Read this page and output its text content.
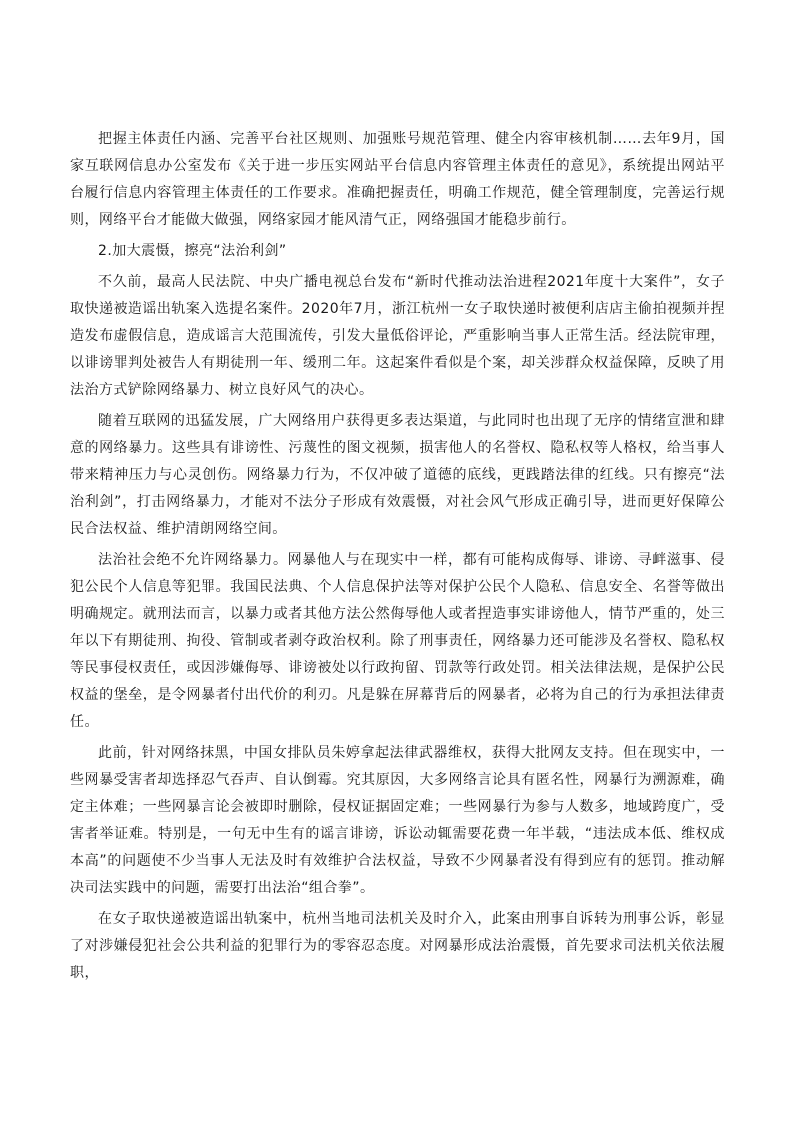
把握主体责任内涵、完善平台社区规则、加强账号规范管理、健全内容审核机制……去年9月，国家互联网信息办公室发布《关于进一步压实网站平台信息内容管理主体责任的意见》，系统提出网站平台履行信息内容管理主体责任的工作要求。准确把握责任，明确工作规范，健全管理制度，完善运行规则，网络平台才能做大做强，网络家园才能风清气正，网络强国才能稳步前行。

2.加大震慑，擦亮“法治利剑”

不久前，最高人民法院、中央广播电视总台发布“新时代推动法治进程2021年度十大案件”，女子取快递被造谣出轨案入选提名案件。2020年7月，浙江杭州一女子取快递时被便利店店主偷拍视频并捏造发布虚假信息，造成谣言大范围流传，引发大量低俗评论，严重影响当事人正常生活。经法院审理，以诽谤罪判处被告人有期徒刑一年、缓刑二年。这起案件看似是个案，却关涉群众权益保障，反映了用法治方式铲除网络暴力、树立良好风气的决心。

随着互联网的迅猛发展，广大网络用户获得更多表达渠道，与此同时也出现了无序的情绪宣泄和肆意的网络暴力。这些具有诽谤性、污蔑性的图文视频，损害他人的名誉权、隐私权等人格权，给当事人带来精神压力与心灵创伤。网络暴力行为，不仅冲破了道德的底线，更践踏法律的红线。只有擦亮“法治利剑”，打击网络暴力，才能对不法分子形成有效震慑，对社会风气形成正确引导，进而更好保障公民合法权益、维护清朗网络空间。

法治社会绝不允许网络暴力。网暴他人与在现实中一样，都有可能构成侮辱、诽谤、寻衅滋事、侵犯公民个人信息等犯罪。我国民法典、个人信息保护法等对保护公民个人隐私、信息安全、名誉等做出明确规定。就刑法而言，以暴力或者其他方法公然侮辱他人或者捏造事实诽谤他人，情节严重的，处三年以下有期徒刑、拘役、管制或者剥夺政治权利。除了刑事责任，网络暴力还可能涉及名誉权、隐私权等民事侵权责任，或因涉嫌侮辱、诽谤被处以行政拘留、罚款等行政处罚。相关法律法规，是保护公民权益的堡垒，是令网暴者付出代价的利刃。凡是躲在屏幕背后的网暴者，必将为自己的行为承担法律责任。

此前，针对网络抹黑，中国女排队员朱婷拿起法律武器维权，获得大批网友支持。但在现实中，一些网暴受害者却选择忍气吞声、自认倒霉。究其原因，大多网络言论具有匿名性，网暴行为溯源难，确定主体难；一些网暴言论会被即时删除，侵权证据固定难；一些网暴行为参与人数多，地域跨度广，受害者举证难。特别是，一句无中生有的谣言诽谤，诉讼动辄需要花费一年半载，“违法成本低、维权成本高”的问题使不少当事人无法及时有效维护合法权益，导致不少网暴者没有得到应有的惩罚。推动解决司法实践中的问题，需要打出法治“组合拳”。

在女子取快递被造谣出轨案中，杭州当地司法机关及时介入，此案由刑事自诉转为刑事公诉，彰显了对涉嫌侵犯社会公共利益的犯罪行为的零容忍态度。对网暴形成法治震慑，首先要求司法机关依法履职，
